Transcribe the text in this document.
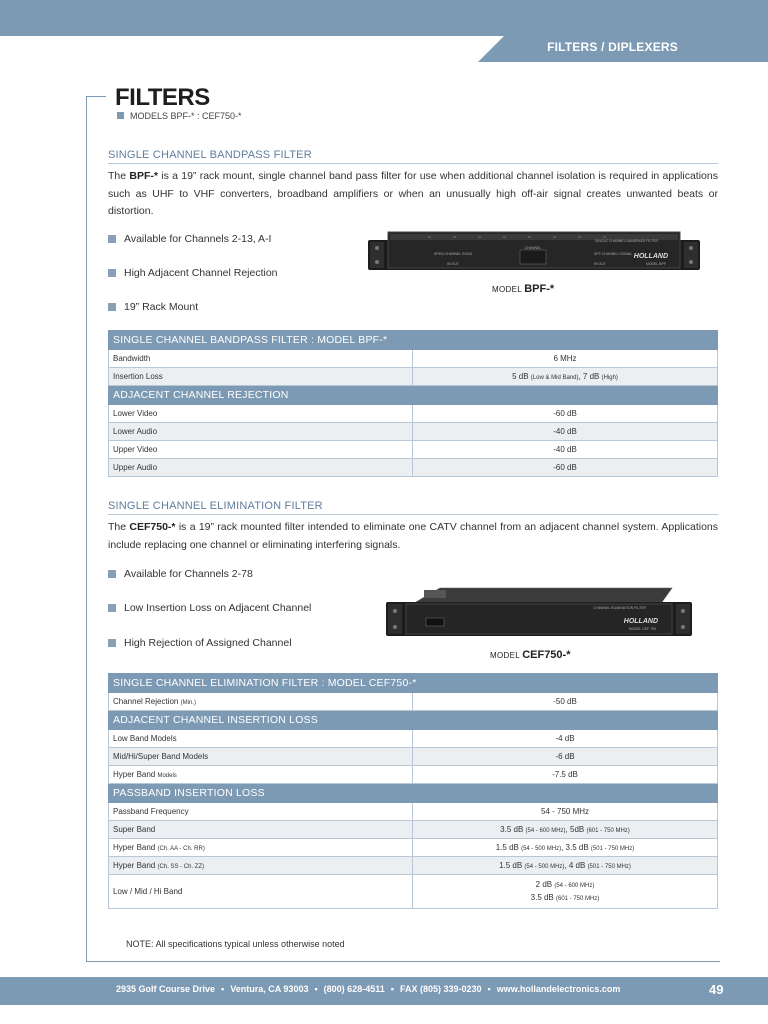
FILTERS / DIPLEXERS
FILTERS
MODELS BPF-* : CEF750-*
SINGLE CHANNEL BANDPASS FILTER
The BPF-* is a 19” rack mount, single channel band pass filter for use when additional channel isolation is required in applications such as UHF to VHF converters, broadband amplifiers or when an unusually high off-air signal creates unwanted beats or distortion.
Available for Channels 2-13, A-I
High Adjacent Channel Rejection
19” Rack Mount
SINGLE CHANNEL BANDPASS FILTER
CHANNEL
OPEN CHANNEL ROAD	OFF-CHANNEL SIGNAL
IN OUT	IN OUT
HOLLAND
MODEL BPF
MODEL BPF-*
SINGLE CHANNEL BANDPASS FILTER : MODEL BPF-*	
Bandwidth	6 MHz
Insertion Loss	5 dB (Low & Mid Band), 7 dB (High)
ADJACENT CHANNEL REJECTION	
Lower Video	-60 dB
Lower Audio	-40 dB
Upper Video	-40 dB
Upper Audio	-60 dB
SINGLE CHANNEL ELIMINATION FILTER
The CEF750-* is a 19” rack mounted filter intended to eliminate one CATV channel from an adjacent channel system. Applications include replacing one channel or eliminating interfering signals.
Available for Channels 2-78
Low Insertion Loss on Adjacent Channel
High Rejection of Assigned Channel
CHANNEL ELIMINATION FILTER
HOLLAND
MODEL CEF 750
MODEL CEF750-*
SINGLE CHANNEL ELIMINATION FILTER : MODEL CEF750-*	
Channel Rejection (Min.)	-50 dB
ADJACENT CHANNEL INSERTION LOSS	
Low Band Models	-4 dB
Mid/Hi/Super Band Models	-6 dB
Hyper Band Models	-7.5 dB
PASSBAND INSERTION LOSS	
Passband Frequency	54 - 750 MHz
Super Band	3.5 dB (54 - 600 MHz), 5dB (601 - 750 MHz)
Hyper Band (Ch. AA - Ch. RR)	1.5 dB (54 - 500 MHz), 3.5 dB (501 - 750 MHz)
Hyper Band (Ch. SS - Ch. ZZ)	1.5 dB (54 - 500 MHz), 4 dB (501 - 750 MHz)
Low / Mid / Hi Band	2 dB (54 - 600 MHz)
3.5 dB (601 - 750 MHz)
NOTE: All specifications typical unless otherwise noted
2935 Golf Course Drive ▪ Ventura, CA 93003 ▪ (800) 628-4511 ▪ FAX (805) 339-0230 ▪ www.hollandelectronics.com	49
